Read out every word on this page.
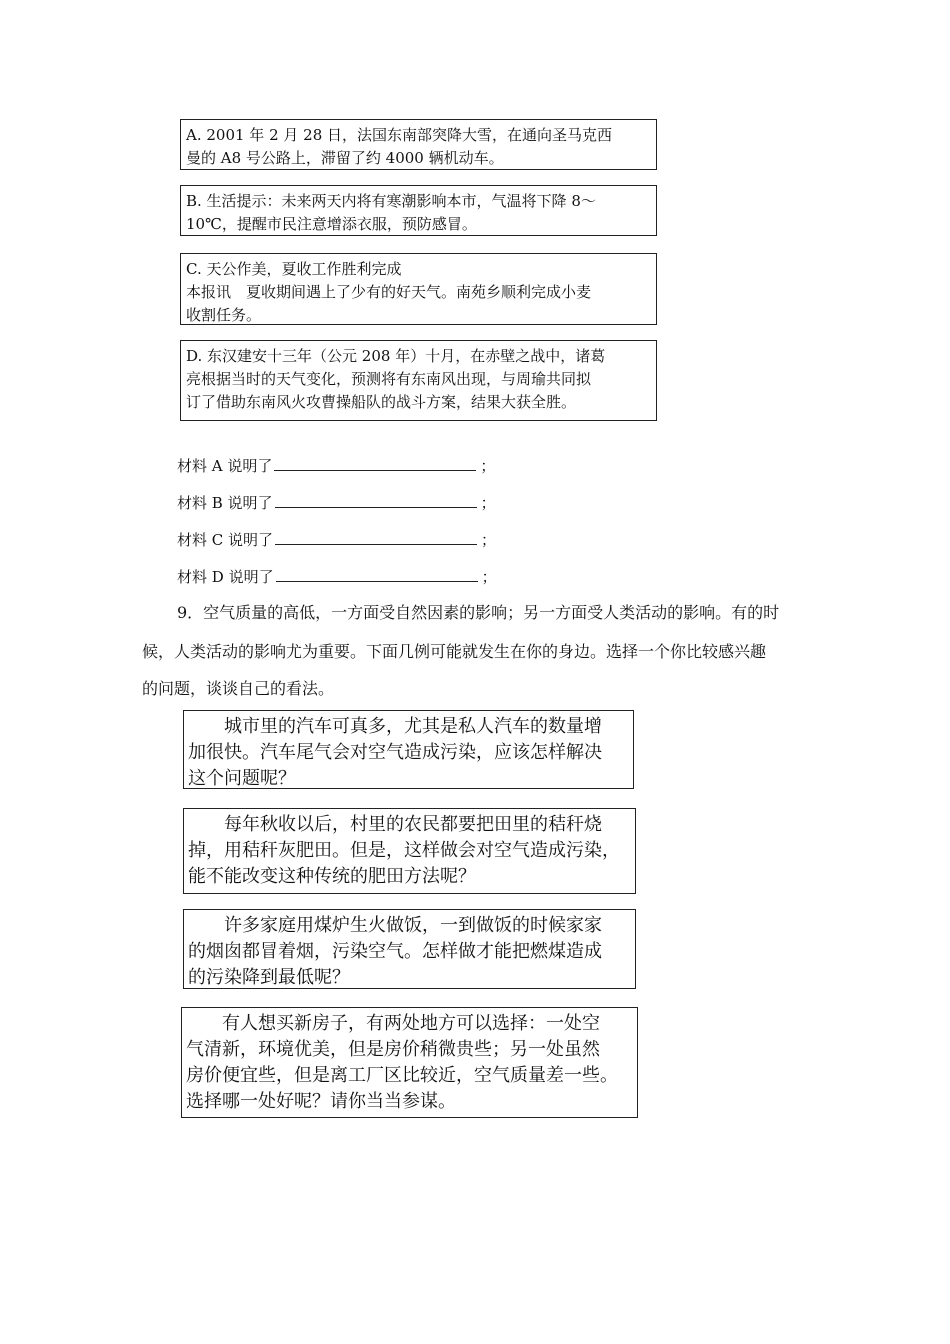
A. 2001 年 2 月 28 日，法国东南部突降大雪，在通向圣马克西
曼的 A8 号公路上，滞留了约 4000 辆机动车。
B. 生活提示：未来两天内将有寒潮影响本市，气温将下降 8～
10℃，提醒市民注意增添衣服，预防感冒。
C. 天公作美，夏收工作胜利完成
本报讯　夏收期间遇上了少有的好天气。南苑乡顺利完成小麦
收割任务。
D. 东汉建安十三年（公元 208 年）十月，在赤壁之战中，诸葛
亮根据当时的天气变化，预测将有东南风出现，与周瑜共同拟
订了借助东南风火攻曹操船队的战斗方案，结果大获全胜。
材料 A 说明了	；
材料 B 说明了	；
材料 C 说明了	；
材料 D 说明了	；
9．空气质量的高低，一方面受自然因素的影响；另一方面受人类活动的影响。有的时
候，人类活动的影响尤为重要。下面几例可能就发生在你的身边。选择一个你比较感兴趣
的问题，谈谈自己的看法。
　　城市里的汽车可真多，尤其是私人汽车的数量增
加很快。汽车尾气会对空气造成污染，应该怎样解决
这个问题呢？
　　每年秋收以后，村里的农民都要把田里的秸秆烧
掉，用秸秆灰肥田。但是，这样做会对空气造成污染，
能不能改变这种传统的肥田方法呢？
　　许多家庭用煤炉生火做饭，一到做饭的时候家家
的烟囱都冒着烟，污染空气。怎样做才能把燃煤造成
的污染降到最低呢？
　　有人想买新房子，有两处地方可以选择：一处空
气清新，环境优美，但是房价稍微贵些；另一处虽然
房价便宜些，但是离工厂区比较近，空气质量差一些。
选择哪一处好呢？请你当当参谋。
